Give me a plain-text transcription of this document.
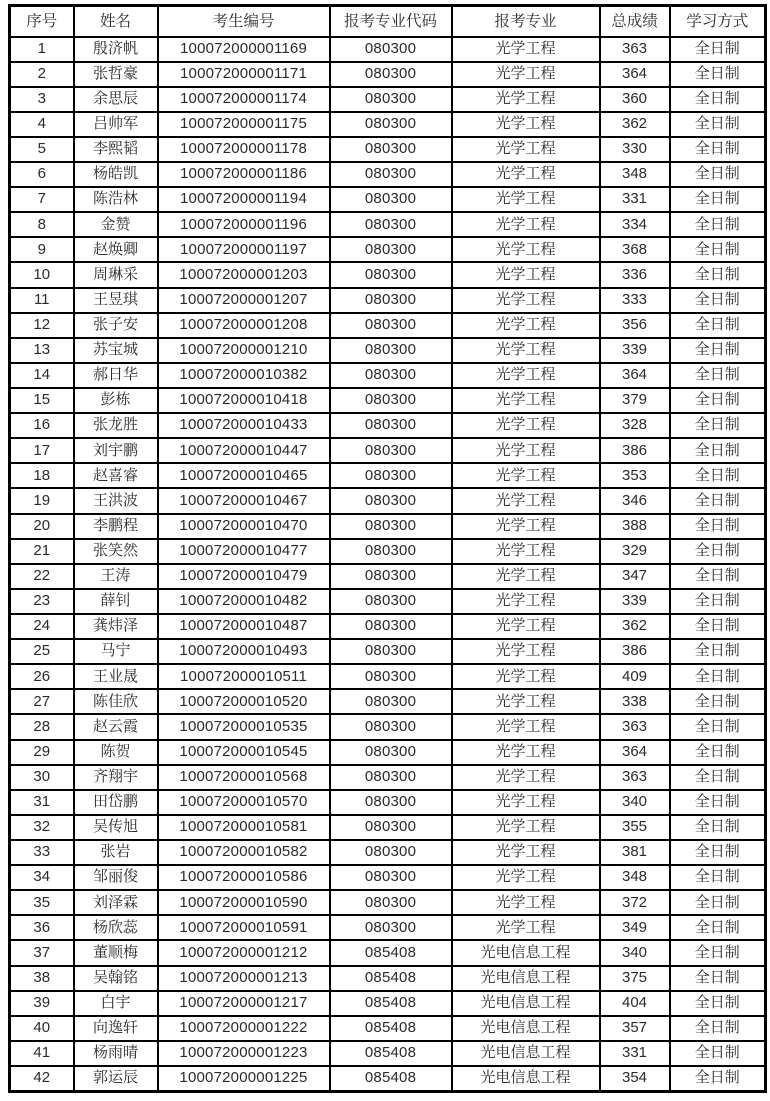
序号	姓名	考生编号	报考专业代码	报考专业	总成绩	学习方式
1	殷济帆	100072000001169	080300	光学工程	363	全日制
2	张哲豪	100072000001171	080300	光学工程	364	全日制
3	余思辰	100072000001174	080300	光学工程	360	全日制
4	吕帅军	100072000001175	080300	光学工程	362	全日制
5	李熙韬	100072000001178	080300	光学工程	330	全日制
6	杨皓凯	100072000001186	080300	光学工程	348	全日制
7	陈浩林	100072000001194	080300	光学工程	331	全日制
8	金赞	100072000001196	080300	光学工程	334	全日制
9	赵焕卿	100072000001197	080300	光学工程	368	全日制
10	周琳采	100072000001203	080300	光学工程	336	全日制
11	王昱琪	100072000001207	080300	光学工程	333	全日制
12	张子安	100072000001208	080300	光学工程	356	全日制
13	苏宝城	100072000001210	080300	光学工程	339	全日制
14	郝日华	100072000010382	080300	光学工程	364	全日制
15	彭栋	100072000010418	080300	光学工程	379	全日制
16	张龙胜	100072000010433	080300	光学工程	328	全日制
17	刘宇鹏	100072000010447	080300	光学工程	386	全日制
18	赵喜睿	100072000010465	080300	光学工程	353	全日制
19	王洪波	100072000010467	080300	光学工程	346	全日制
20	李鹏程	100072000010470	080300	光学工程	388	全日制
21	张笑然	100072000010477	080300	光学工程	329	全日制
22	王涛	100072000010479	080300	光学工程	347	全日制
23	薛钊	100072000010482	080300	光学工程	339	全日制
24	龚炜泽	100072000010487	080300	光学工程	362	全日制
25	马宁	100072000010493	080300	光学工程	386	全日制
26	王业晟	100072000010511	080300	光学工程	409	全日制
27	陈佳欣	100072000010520	080300	光学工程	338	全日制
28	赵云霞	100072000010535	080300	光学工程	363	全日制
29	陈贺	100072000010545	080300	光学工程	364	全日制
30	齐翔宇	100072000010568	080300	光学工程	363	全日制
31	田岱鹏	100072000010570	080300	光学工程	340	全日制
32	吴传旭	100072000010581	080300	光学工程	355	全日制
33	张岩	100072000010582	080300	光学工程	381	全日制
34	邹丽俊	100072000010586	080300	光学工程	348	全日制
35	刘泽霖	100072000010590	080300	光学工程	372	全日制
36	杨欣蕊	100072000010591	080300	光学工程	349	全日制
37	董顺梅	100072000001212	085408	光电信息工程	340	全日制
38	吴翰铭	100072000001213	085408	光电信息工程	375	全日制
39	白宇	100072000001217	085408	光电信息工程	404	全日制
40	向逸轩	100072000001222	085408	光电信息工程	357	全日制
41	杨雨晴	100072000001223	085408	光电信息工程	331	全日制
42	郭运辰	100072000001225	085408	光电信息工程	354	全日制
